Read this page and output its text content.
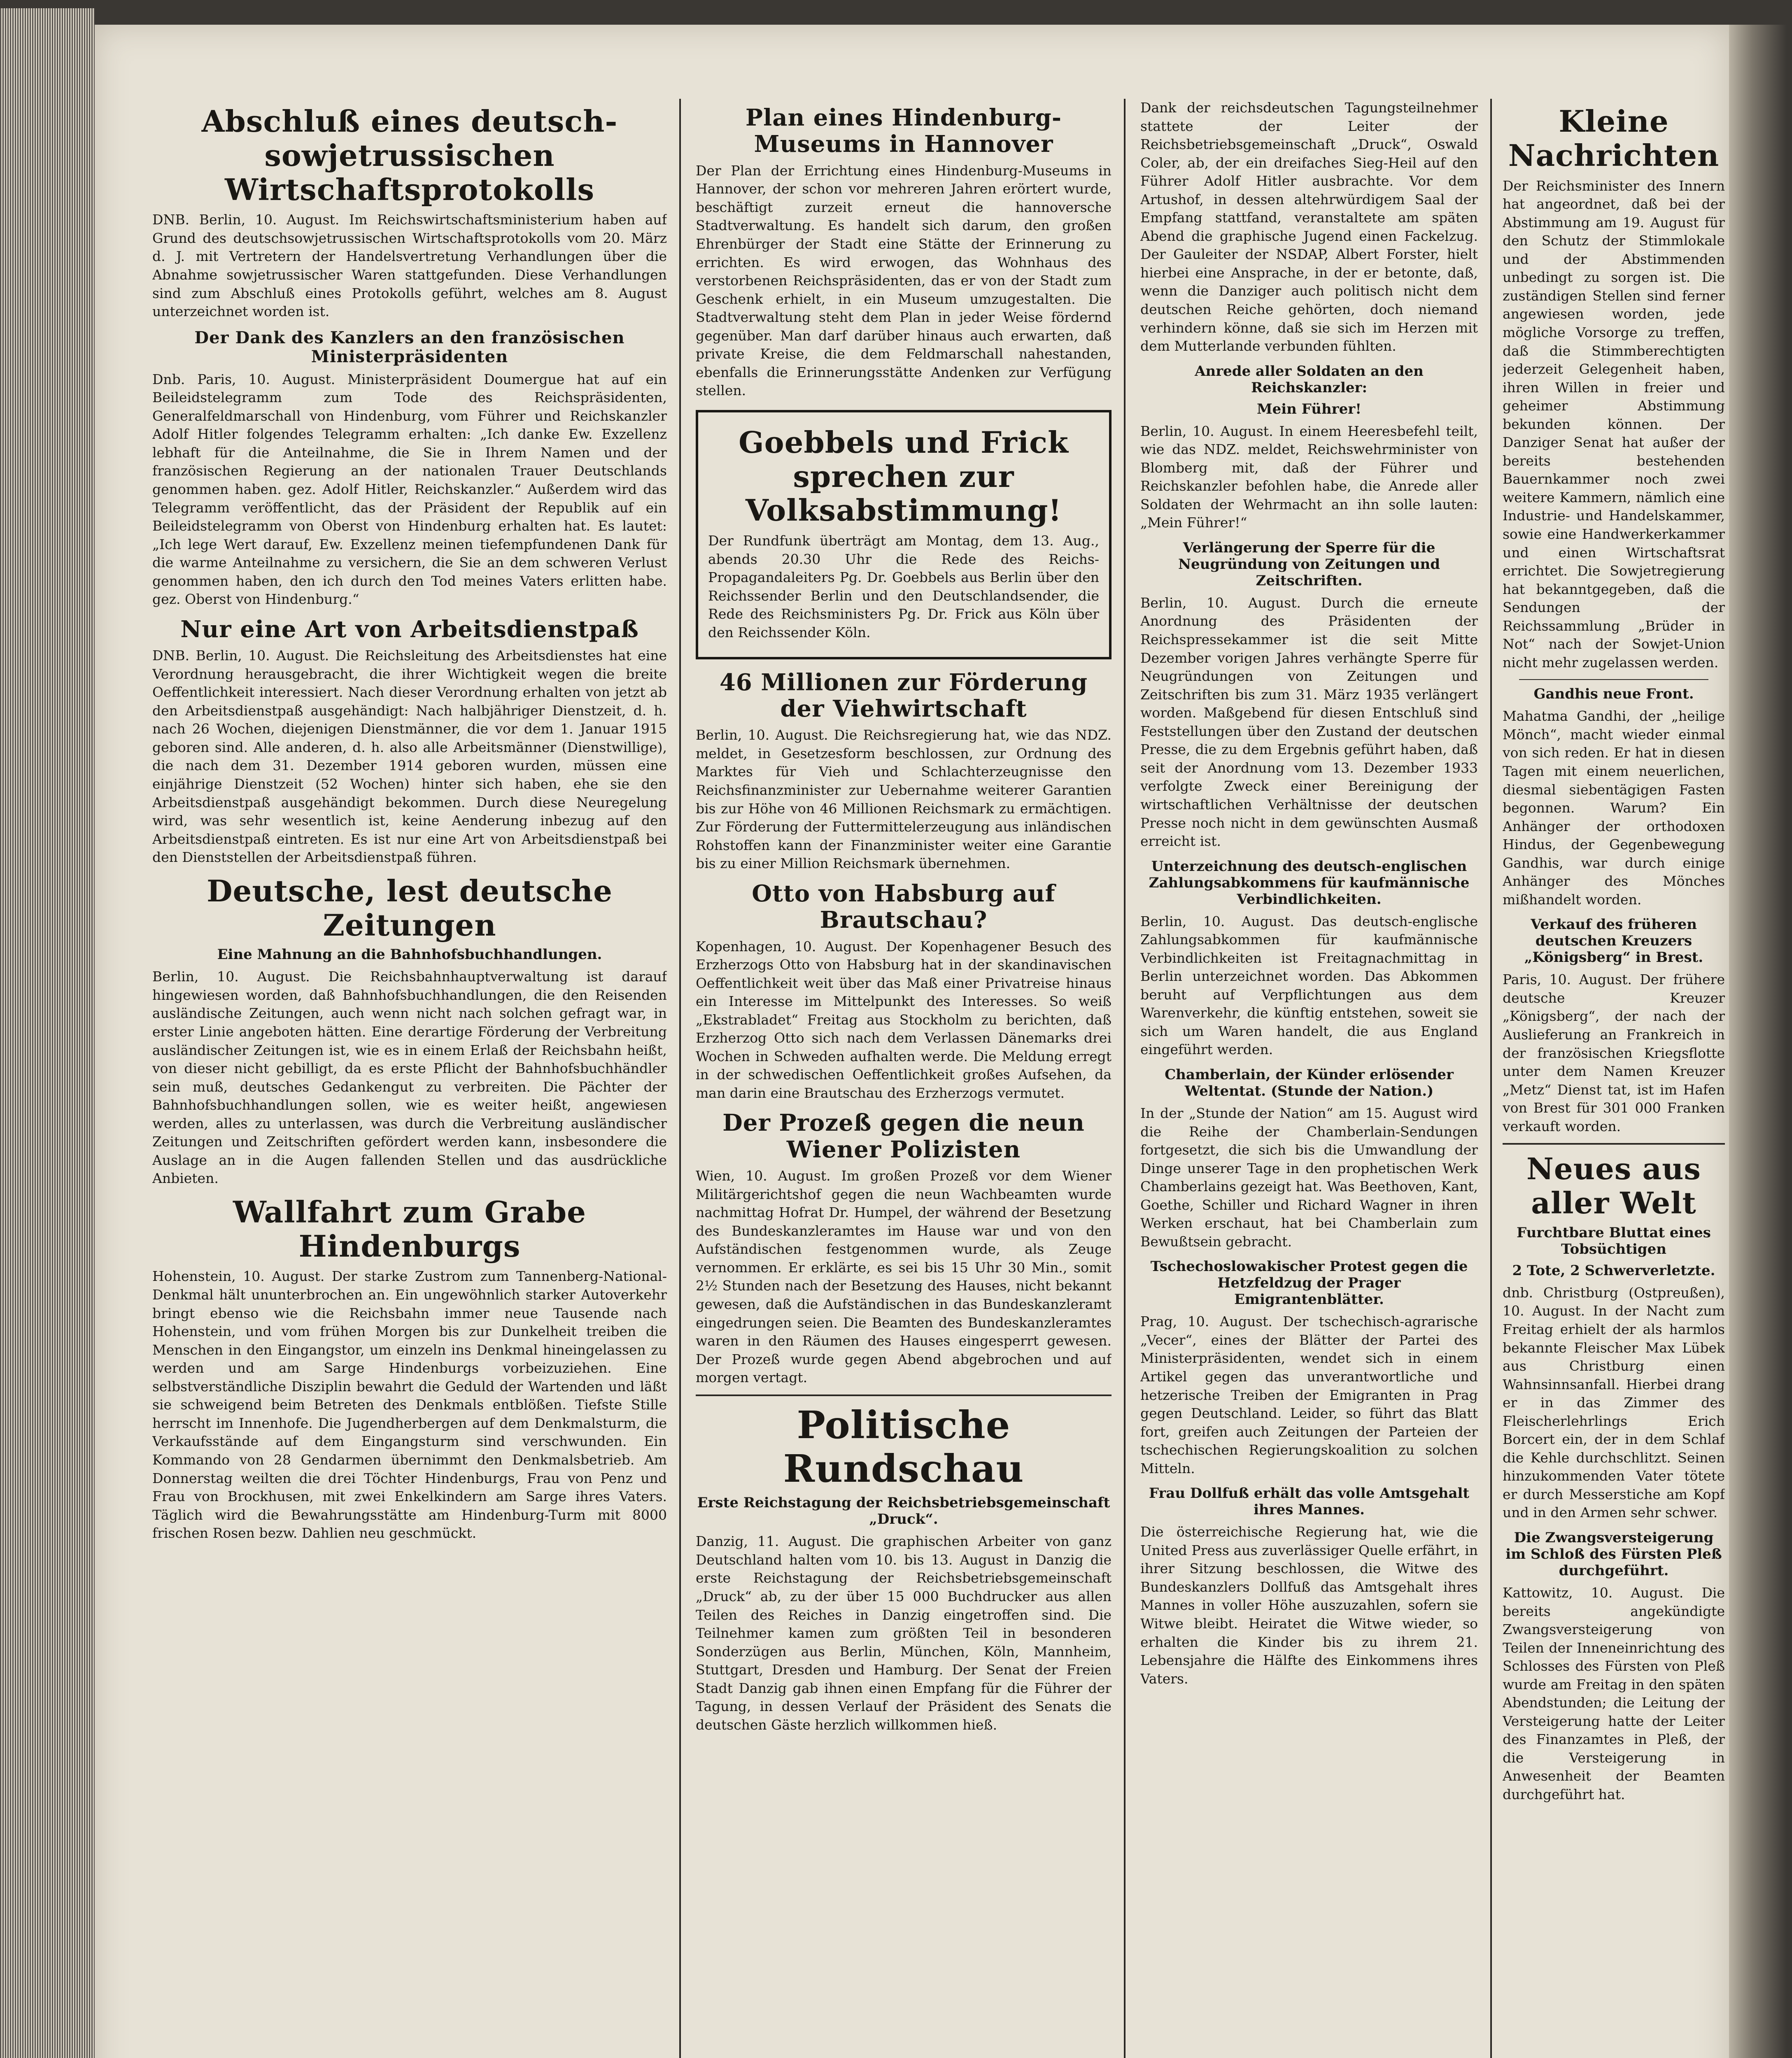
Abschluß eines deutsch-sowjetrussischen Wirtschaftsprotokolls

DNB. Berlin, 10. August. Im Reichswirtschaftsministerium haben auf Grund des deutschsowjetrussischen Wirtschaftsprotokolls vom 20. März d. J. mit Vertretern der Handelsvertretung Verhandlungen über die Abnahme sowjetrussischer Waren stattgefunden. Diese Verhandlungen sind zum Abschluß eines Protokolls geführt, welches am 8. August unterzeichnet worden ist.

Der Dank des Kanzlers an den französischen Ministerpräsidenten

Dnb. Paris, 10. August. Ministerpräsident Doumergue hat auf ein Beileidstelegramm zum Tode des Reichspräsidenten, Generalfeldmarschall von Hindenburg, vom Führer und Reichskanzler Adolf Hitler folgendes Telegramm erhalten: „Ich danke Ew. Exzellenz lebhaft für die Anteilnahme, die Sie in Ihrem Namen und der französischen Regierung an der nationalen Trauer Deutschlands genommen haben. gez. Adolf Hitler, Reichskanzler.“ Außerdem wird das Telegramm veröffentlicht, das der Präsident der Republik auf ein Beileidstelegramm von Oberst von Hindenburg erhalten hat. Es lautet: „Ich lege Wert darauf, Ew. Exzellenz meinen tiefempfundenen Dank für die warme Anteilnahme zu versichern, die Sie an dem schweren Verlust genommen haben, den ich durch den Tod meines Vaters erlitten habe. gez. Oberst von Hindenburg.“

Nur eine Art von Arbeitsdienstpaß

DNB. Berlin, 10. August. Die Reichsleitung des Arbeitsdienstes hat eine Verordnung herausgebracht, die ihrer Wichtigkeit wegen die breite Oeffentlichkeit interessiert. Nach dieser Verordnung erhalten von jetzt ab den Arbeitsdienstpaß ausgehändigt: Nach halbjähriger Dienstzeit, d. h. nach 26 Wochen, diejenigen Dienstmänner, die vor dem 1. Januar 1915 geboren sind. Alle anderen, d. h. also alle Arbeitsmänner (Dienstwillige), die nach dem 31. Dezember 1914 geboren wurden, müssen eine einjährige Dienstzeit (52 Wochen) hinter sich haben, ehe sie den Arbeitsdienstpaß ausgehändigt bekommen. Durch diese Neuregelung wird, was sehr wesentlich ist, keine Aenderung inbezug auf den Arbeitsdienstpaß eintreten. Es ist nur eine Art von Arbeitsdienstpaß bei den Dienststellen der Arbeitsdienstpaß führen.

Deutsche, lest deutsche Zeitungen
Eine Mahnung an die Bahnhofsbuchhandlungen.

Berlin, 10. August. Die Reichsbahnhauptverwaltung ist darauf hingewiesen worden, daß Bahnhofsbuchhandlungen, die den Reisenden ausländische Zeitungen, auch wenn nicht nach solchen gefragt war, in erster Linie angeboten hätten. Eine derartige Förderung der Verbreitung ausländischer Zeitungen ist, wie es in einem Erlaß der Reichsbahn heißt, von dieser nicht gebilligt, da es erste Pflicht der Bahnhofsbuchhändler sein muß, deutsches Gedankengut zu verbreiten. Die Pächter der Bahnhofsbuchhandlungen sollen, wie es weiter heißt, angewiesen werden, alles zu unterlassen, was durch die Verbreitung ausländischer Zeitungen und Zeitschriften gefördert werden kann, insbesondere die Auslage an in die Augen fallenden Stellen und das ausdrückliche Anbieten.

Wallfahrt zum Grabe Hindenburgs

Hohenstein, 10. August. Der starke Zustrom zum Tannenberg-National-Denkmal hält ununterbrochen an. Ein ungewöhnlich starker Autoverkehr bringt ebenso wie die Reichsbahn immer neue Tausende nach Hohenstein, und vom frühen Morgen bis zur Dunkelheit treiben die Menschen in den Eingangstor, um einzeln ins Denkmal hineingelassen zu werden und am Sarge Hindenburgs vorbeizuziehen. Eine selbstverständliche Disziplin bewahrt die Geduld der Wartenden und läßt sie schweigend beim Betreten des Denkmals entblößen. Tiefste Stille herrscht im Innenhofe. Die Jugendherbergen auf dem Denkmalsturm, die Verkaufsstände auf dem Eingangsturm sind verschwunden. Ein Kommando von 28 Gendarmen übernimmt den Denkmalsbetrieb. Am Donnerstag weilten die drei Töchter Hindenburgs, Frau von Penz und Frau von Brockhusen, mit zwei Enkelkindern am Sarge ihres Vaters. Täglich wird die Bewahrungsstätte am Hindenburg-Turm mit 8000 frischen Rosen bezw. Dahlien neu geschmückt.

Plan eines Hindenburg-Museums in Hannover

Der Plan der Errichtung eines Hindenburg-Museums in Hannover, der schon vor mehreren Jahren erörtert wurde, beschäftigt zurzeit erneut die hannoversche Stadtverwaltung. Es handelt sich darum, den großen Ehrenbürger der Stadt eine Stätte der Erinnerung zu errichten. Es wird erwogen, das Wohnhaus des verstorbenen Reichspräsidenten, das er von der Stadt zum Geschenk erhielt, in ein Museum umzugestalten. Die Stadtverwaltung steht dem Plan in jeder Weise fördernd gegenüber. Man darf darüber hinaus auch erwarten, daß private Kreise, die dem Feldmarschall nahestanden, ebenfalls die Erinnerungsstätte Andenken zur Verfügung stellen.

Goebbels und Frick sprechen zur Volksabstimmung!

Der Rundfunk überträgt am Montag, dem 13. Aug., abends 20.30 Uhr die Rede des Reichs-Propagandaleiters Pg. Dr. Goebbels aus Berlin über den Reichssender Berlin und den Deutschlandsender, die Rede des Reichsministers Pg. Dr. Frick aus Köln über den Reichssender Köln.

46 Millionen zur Förderung der Viehwirtschaft

Berlin, 10. August. Die Reichsregierung hat, wie das NDZ. meldet, in Gesetzesform beschlossen, zur Ordnung des Marktes für Vieh und Schlachterzeugnisse den Reichsfinanzminister zur Uebernahme weiterer Garantien bis zur Höhe von 46 Millionen Reichsmark zu ermächtigen. Zur Förderung der Futtermittelerzeugung aus inländischen Rohstoffen kann der Finanzminister weiter eine Garantie bis zu einer Million Reichsmark übernehmen.

Otto von Habsburg auf Brautschau?

Kopenhagen, 10. August. Der Kopenhagener Besuch des Erzherzogs Otto von Habsburg hat in der skandinavischen Oeffentlichkeit weit über das Maß einer Privatreise hinaus ein Interesse im Mittelpunkt des Interesses. So weiß „Ekstrabladet“ Freitag aus Stockholm zu berichten, daß Erzherzog Otto sich nach dem Verlassen Dänemarks drei Wochen in Schweden aufhalten werde. Die Meldung erregt in der schwedischen Oeffentlichkeit großes Aufsehen, da man darin eine Brautschau des Erzherzogs vermutet.

Der Prozeß gegen die neun Wiener Polizisten

Wien, 10. August. Im großen Prozeß vor dem Wiener Militärgerichtshof gegen die neun Wachbeamten wurde nachmittag Hofrat Dr. Humpel, der während der Besetzung des Bundeskanzleramtes im Hause war und von den Aufständischen festgenommen wurde, als Zeuge vernommen. Er erklärte, es sei bis 15 Uhr 30 Min., somit 2½ Stunden nach der Besetzung des Hauses, nicht bekannt gewesen, daß die Aufständischen in das Bundeskanzleramt eingedrungen seien. Die Beamten des Bundeskanzleramtes waren in den Räumen des Hauses eingesperrt gewesen. Der Prozeß wurde gegen Abend abgebrochen und auf morgen vertagt.

Politische Rundschau
Erste Reichstagung der Reichsbetriebsgemeinschaft „Druck“.

Danzig, 11. August. Die graphischen Arbeiter von ganz Deutschland halten vom 10. bis 13. August in Danzig die erste Reichstagung der Reichsbetriebsgemeinschaft „Druck“ ab, zu der über 15 000 Buchdrucker aus allen Teilen des Reiches in Danzig eingetroffen sind. Die Teilnehmer kamen zum größten Teil in besonderen Sonderzügen aus Berlin, München, Köln, Mannheim, Stuttgart, Dresden und Hamburg. Der Senat der Freien Stadt Danzig gab ihnen einen Empfang für die Führer der Tagung, in dessen Verlauf der Präsident des Senats die deutschen Gäste herzlich willkommen hieß.

Dank der reichsdeutschen Tagungsteilnehmer stattete der Leiter der Reichsbetriebsgemeinschaft „Druck“, Oswald Coler, ab, der ein dreifaches Sieg-Heil auf den Führer Adolf Hitler ausbrachte. Vor dem Artushof, in dessen altehrwürdigem Saal der Empfang stattfand, veranstaltete am späten Abend die graphische Jugend einen Fackelzug. Der Gauleiter der NSDAP, Albert Forster, hielt hierbei eine Ansprache, in der er betonte, daß, wenn die Danziger auch politisch nicht dem deutschen Reiche gehörten, doch niemand verhindern könne, daß sie sich im Herzen mit dem Mutterlande verbunden fühlten.

Anrede aller Soldaten an den Reichskanzler:
Mein Führer!

Berlin, 10. August. In einem Heeresbefehl teilt, wie das NDZ. meldet, Reichswehrminister von Blomberg mit, daß der Führer und Reichskanzler befohlen habe, die Anrede aller Soldaten der Wehrmacht an ihn solle lauten: „Mein Führer!“

Verlängerung der Sperre für die Neugründung von Zeitungen und Zeitschriften.

Berlin, 10. August. Durch die erneute Anordnung des Präsidenten der Reichspressekammer ist die seit Mitte Dezember vorigen Jahres verhängte Sperre für Neugründungen von Zeitungen und Zeitschriften bis zum 31. März 1935 verlängert worden. Maßgebend für diesen Entschluß sind Feststellungen über den Zustand der deutschen Presse, die zu dem Ergebnis geführt haben, daß seit der Anordnung vom 13. Dezember 1933 verfolgte Zweck einer Bereinigung der wirtschaftlichen Verhältnisse der deutschen Presse noch nicht in dem gewünschten Ausmaß erreicht ist.

Unterzeichnung des deutsch-englischen Zahlungsabkommens für kaufmännische Verbindlichkeiten.

Berlin, 10. August. Das deutsch-englische Zahlungsabkommen für kaufmännische Verbindlichkeiten ist Freitagnachmittag in Berlin unterzeichnet worden. Das Abkommen beruht auf Verpflichtungen aus dem Warenverkehr, die künftig entstehen, soweit sie sich um Waren handelt, die aus England eingeführt werden.

Chamberlain, der Künder erlösender Weltentat. (Stunde der Nation.)

In der „Stunde der Nation“ am 15. August wird die Reihe der Chamberlain-Sendungen fortgesetzt, die sich bis die Umwandlung der Dinge unserer Tage in den prophetischen Werk Chamberlains gezeigt hat. Was Beethoven, Kant, Goethe, Schiller und Richard Wagner in ihren Werken erschaut, hat bei Chamberlain zum Bewußtsein gebracht.

Tschechoslowakischer Protest gegen die Hetzfeldzug der Prager Emigrantenblätter.

Prag, 10. August. Der tschechisch-agrarische „Vecer“, eines der Blätter der Partei des Ministerpräsidenten, wendet sich in einem Artikel gegen das unverantwortliche und hetzerische Treiben der Emigranten in Prag gegen Deutschland. Leider, so führt das Blatt fort, greifen auch Zeitungen der Parteien der tschechischen Regierungskoalition zu solchen Mitteln.

Frau Dollfuß erhält das volle Amtsgehalt ihres Mannes.

Die österreichische Regierung hat, wie die United Press aus zuverlässiger Quelle erfährt, in ihrer Sitzung beschlossen, die Witwe des Bundeskanzlers Dollfuß das Amtsgehalt ihres Mannes in voller Höhe auszuzahlen, sofern sie Witwe bleibt. Heiratet die Witwe wieder, so erhalten die Kinder bis zu ihrem 21. Lebensjahre die Hälfte des Einkommens ihres Vaters.

Kleine Nachrichten

Der Reichsminister des Innern hat angeordnet, daß bei der Abstimmung am 19. August für den Schutz der Stimmlokale und der Abstimmenden unbedingt zu sorgen ist. Die zuständigen Stellen sind ferner angewiesen worden, jede mögliche Vorsorge zu treffen, daß die Stimmberechtigten jederzeit Gelegenheit haben, ihren Willen in freier und geheimer Abstimmung bekunden können. Der Danziger Senat hat außer der bereits bestehenden Bauernkammer noch zwei weitere Kammern, nämlich eine Industrie- und Handelskammer, sowie eine Handwerkerkammer und einen Wirtschaftsrat errichtet. Die Sowjetregierung hat bekanntgegeben, daß die Sendungen der Reichssammlung „Brüder in Not“ nach der Sowjet-Union nicht mehr zugelassen werden.

Gandhis neue Front.

Mahatma Gandhi, der „heilige Mönch“, macht wieder einmal von sich reden. Er hat in diesen Tagen mit einem neuerlichen, diesmal siebentägigen Fasten begonnen. Warum? Ein Anhänger der orthodoxen Hindus, der Gegenbewegung Gandhis, war durch einige Anhänger des Mönches mißhandelt worden.

Verkauf des früheren deutschen Kreuzers „Königsberg“ in Brest.

Paris, 10. August. Der frühere deutsche Kreuzer „Königsberg“, der nach der Auslieferung an Frankreich in der französischen Kriegsflotte unter dem Namen Kreuzer „Metz“ Dienst tat, ist im Hafen von Brest für 301 000 Franken verkauft worden.

Neues aus aller Welt
Furchtbare Bluttat eines Tobsüchtigen
2 Tote, 2 Schwerverletzte.

dnb. Christburg (Ostpreußen), 10. August. In der Nacht zum Freitag erhielt der als harmlos bekannte Fleischer Max Lübek aus Christburg einen Wahnsinnsanfall. Hierbei drang er in das Zimmer des Fleischerlehrlings Erich Borcert ein, der in dem Schlaf die Kehle durchschlitzt. Seinen hinzukommenden Vater tötete er durch Messerstiche am Kopf und in den Armen sehr schwer.

Die Zwangsversteigerung im Schloß des Fürsten Pleß durchgeführt.

Kattowitz, 10. August. Die bereits angekündigte Zwangsversteigerung von Teilen der Inneneinrichtung des Schlosses des Fürsten von Pleß wurde am Freitag in den späten Abendstunden; die Leitung der Versteigerung hatte der Leiter des Finanzamtes in Pleß, der die Versteigerung in Anwesenheit der Beamten durchgeführt hat.
